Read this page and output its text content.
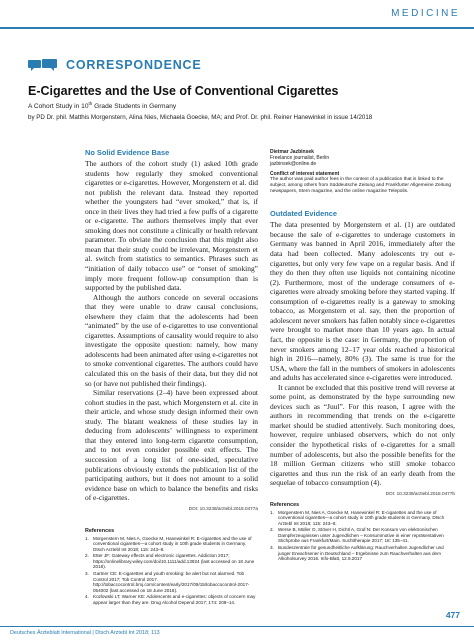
MEDICINE
CORRESPONDENCE
E-Cigarettes and the Use of Conventional Cigarettes
A Cohort Study in 10th Grade Students in Germany
by PD Dr. phil. Matthis Morgenstern, Alina Nies, Michaela Goecke, MA; and Prof. Dr. phil. Reiner Hanewinkel in issue 14/2018
No Solid Evidence Base

The authors of the cohort study (1) asked 10th grade students how regularly they smoked conventional cigarettes or e-cigarettes. However, Morgenstern et al. did not publish the relevant data. Instead they reported whether the youngsters had “ever smoked,” that is, if once in their lives they had tried a few puffs of a cigarette or e-cigarette. The authors themselves imply that ever smoking does not constitute a clinically or health relevant parameter. To obviate the conclusion that this might also mean that their study could be irrelevant, Morgenstern et al. switch from statistics to semantics. Phrases such as “initiation of daily tobacco use” or “onset of smoking” imply more frequent follow-up consumption than is supported by the published data.

Although the authors concede on several occasions that they were unable to draw causal conclusions, elsewhere they claim that the adolescents had been “animated” by the use of e-cigarettes to use conventional cigarettes. Assumptions of causality would require to also investigate the opposite question: namely, how many adolescents had been animated after using e-cigarettes not to smoke conventional cigarettes. The authors could have calculated this on the basis of their data, but they did not so (or have not published their findings).

Similar reservations (2–4) have been expressed about cohort studies in the past, which Morgenstern et al. cite in their article, and whose study design informed their own study. The blatant weakness of these studies lay in deducing from adolescents’ willingness to experiment that they entered into long-term cigarette consumption, and to not even consider possible exit effects. The succession of a long list of one-sided, speculative publications obviously extends the publication list of the participating authors, but it does not amount to a solid evidence base on which to balance the benefits and risks of e-cigarettes.

DOI: 10.3238/arztebl.2018.0477a
References
1. Morgenstern M, Nies A, Goecke M, Hanewinkel R: E-cigarettes and the use of conventional cigarettes—a cohort study in 10th grade students in Germany. Dtsch Arztebl Int 2018; 115: 243–8.
2. Etter JF: Gateway effects and electronic cigarettes. Addiction 2017; https://onlinelibrary.wiley.com/doi/10.1111/add.13924 (last accessed on 18 June 2018).
3. Gartner CE: E-cigarettes and youth smoking: be alert but not alarmed. Tob Control 2017; Tob Control 2017. http://tobaccocontrol.bmj.com/content/early/2017/09/15/tobaccocontrol-2017-054002 (last accessed on 18 June 2018).
4. Kozlowski LT, Warner KE: Adolescents and e-cigarettes: objects of concern may appear larger than they are. Drug Alcohol Depend 2017; 174: 209–14.
Dietmar Jazbinsek
Freelance journalist, Berlin
jazbinsek@online.de
Conflict of interest statement
The author was paid author fees in the context of a publication that is linked to the subject, among others from Süddeutsche Zeitung and Frankfurter Allgemeine Zeitung newspapers, Stern magazine, and the online magazine Telepolis.
Outdated Evidence

The data presented by Morgenstern et al. (1) are outdated because the sale of e-cigarettes to underage customers in Germany was banned in April 2016, immediately after the data had been collected. Many adolescents try out e-cigarettes, but only very few vape on a regular basis. And if they do then they often use liquids not containing nicotine (2). Furthermore, most of the underage consumers of e-cigarettes were already smoking before they started vaping. If consumption of e-cigarettes really is a gateway to smoking tobacco, as Morgenstern et al. say, then the proportion of adolescent never smokers has fallen notably since e-cigarettes were brought to market more than 10 years ago. In actual fact, the opposite is the case: in Germany, the proportion of never smokers among 12–17 year olds reached a historical high in 2016—namely, 80% (3). The same is true for the USA, where the fall in the numbers of smokers in adolescents and adults has accelerated since e-cigarettes were introduced.

It cannot be excluded that this positive trend will reverse at some point, as demonstrated by the hype surrounding new devices such as “Juul”. For this reason, I agree with the authors in recommending that trends on the e-cigarette market should be studied attentively. Such monitoring does, however, require unbiased observers, which do not only consider the hypothetical risks of e-cigarettes for a small number of adolescents, but also the possible benefits for the 18 million German citizens who still smoke tobacco cigarettes and thus run the risk of an early death from the sequelae of tobacco consumption (4).

DOI: 10.3238/arztebl.2018.0477b
References
1. Morgenstern M, Nies A, Goecke M, Hanewinkel R: E-cigarettes and the use of conventional cigarettes—a cohort study in 10th grade students in Germany. Dtsch Arztebl Int 2018; 115: 243–8.
2. Werse B, Müller O, Stöver H, Dichtl A, Graf N: Der Konsum von elektronischen Dampferzeugnissen unter Jugendlichen – Konsummotive in einer repräsentativen Stichprobe aus Frankfurt/Main. Suchttherapie 2017; 18: 135–41.
3. Bundeszentrale für gesundheitliche Aufklärung: Rauchverhalten Jugendlicher und junger Erwachsener in Deutschland – Ergebnisse zum Rauchverhalten aus dem Alkoholsurvey 2016. Info-Blatt, 12.9.2017
477
Deutsches Ärzteblatt International | Dtsch Arztebl Int 2018; 113
